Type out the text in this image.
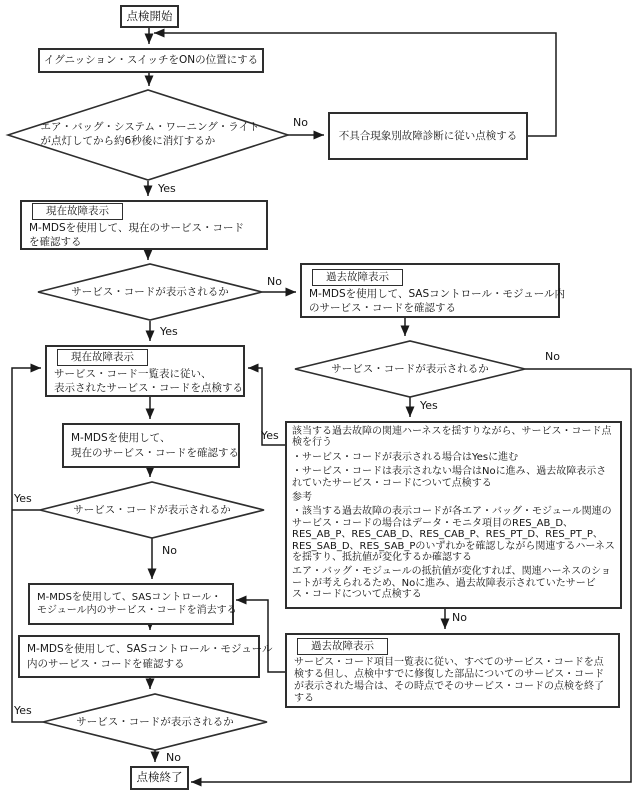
点検開始
イグニッション・スイッチをONの位置にする
不具合現象別故障診断に従い点検する
現在故障表示
M-MDSを使用して、現在のサービス・コード
を確認する
過去故障表示
M-MDSを使用して、SASコントロール・モジュール内
のサービス・コードを確認する
現在故障表示
サービス・コード一覧表に従い、
表示されたサービス・コードを点検する
M-MDSを使用して、
現在のサービス・コードを確認する
M-MDSを使用して、SASコントロール・
モジュール内のサービス・コードを消去する
M-MDSを使用して、SASコントロール・モジュール
内のサービス・コードを確認する

該当する過去故障の関連ハーネスを揺すりながら、サービス・コード点検を行う

・サービス・コードが表示される場合はYesに進む

・サービス・コードは表示されない場合はNoに進み、過去故障表示されていたサービス・コードについて点検する

参考

・該当する過去故障の表示コードが各エア・バッグ・モジュール関連のサービス・コードの場合はデータ・モニタ項目のRES_AB_D、RES_AB_P、RES_CAB_D、RES_CAB_P、RES_PT_D、RES_PT_P、RES_SAB_D、RES_SAB_Pのいずれかを確認しながら関連するハーネスを揺すり、抵抗値が変化するか確認する

エア・バッグ・モジュールの抵抗値が変化すれば、関連ハーネスのショートが考えられるため、Noに進み、過去故障表示されていたサービス・コードについて点検する

過去故障表示
サービス・コード項目一覧表に従い、すべてのサービス・コードを点検する但し、点検中すでに修復した部品についてのサービス・コードが表示された場合は、その時点でそのサービス・コードの点検を終了する
点検終了
エア・バッグ・システム・ワーニング・ライト
が点灯してから約6秒後に消灯するか
サービス・コードが表示されるか
サービス・コードが表示されるか
サービス・コードが表示されるか
サービス・コードが表示されるか
No
Yes
No
Yes
No
Yes
Yes
Yes
No
No
Yes
No
